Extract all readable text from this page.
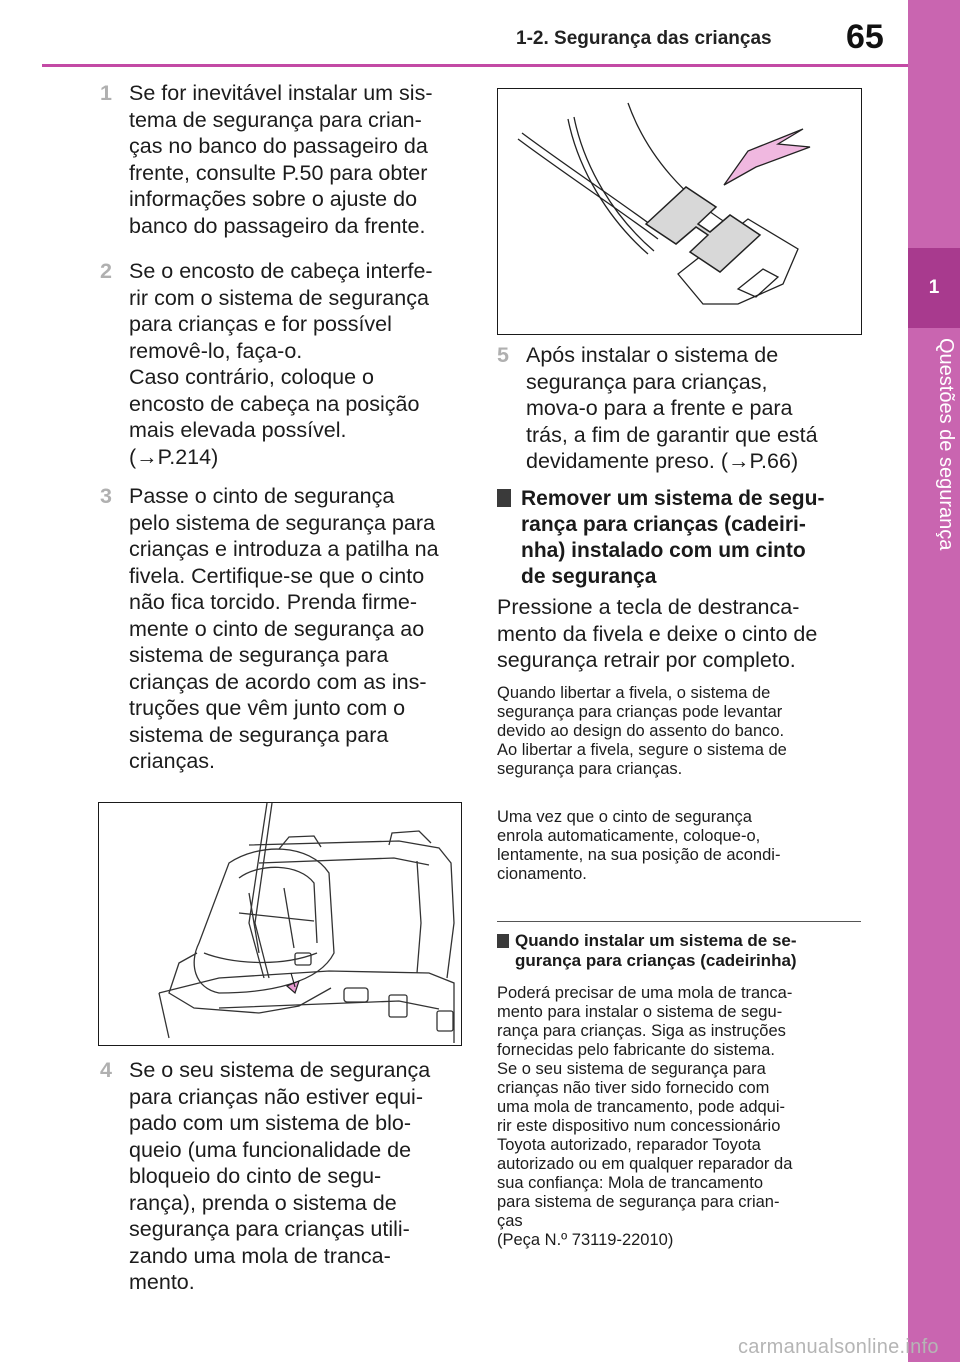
1-2. Segurança das crianças 65
1
Questões de segurança
1 Se for inevitável instalar um sis-
tema de segurança para crian-
ças no banco do passageiro da
frente, consulte P.50 para obter
informações sobre o ajuste do
banco do passageiro da frente.
2 Se o encosto de cabeça interfe-
rir com o sistema de segurança
para crianças e for possível
removê-lo, faça-o.
Caso contrário, coloque o
encosto de cabeça na posição
mais elevada possível.
(→P.214)
3 Passe o cinto de segurança
pelo sistema de segurança para
crianças e introduza a patilha na
fivela. Certifique-se que o cinto
não fica torcido. Prenda firme-
mente o cinto de segurança ao
sistema de segurança para
crianças de acordo com as ins-
truções que vêm junto com o
sistema de segurança para
crianças.
4 Se o seu sistema de segurança
para crianças não estiver equi-
pado com um sistema de blo-
queio (uma funcionalidade de
bloqueio do cinto de segu-
rança), prenda o sistema de
segurança para crianças utili-
zando uma mola de tranca-
mento.
5 Após instalar o sistema de
segurança para crianças,
mova-o para a frente e para
trás, a fim de garantir que está
devidamente preso. (→P.66)
Remover um sistema de segu-
rança para crianças (cadeiri-
nha) instalado com um cinto
de segurança
Pressione a tecla de destranca-
mento da fivela e deixe o cinto de
segurança retrair por completo.
Quando libertar a fivela, o sistema de
segurança para crianças pode levantar
devido ao design do assento do banco.
Ao libertar a fivela, segure o sistema de
segurança para crianças.
Uma vez que o cinto de segurança
enrola automaticamente, coloque-o,
lentamente, na sua posição de acondi-
cionamento.
Quando instalar um sistema de se-
gurança para crianças (cadeirinha)
Poderá precisar de uma mola de tranca-
mento para instalar o sistema de segu-
rança para crianças. Siga as instruções
fornecidas pelo fabricante do sistema.
Se o seu sistema de segurança para
crianças não tiver sido fornecido com
uma mola de trancamento, pode adqui-
rir este dispositivo num concessionário
Toyota autorizado, reparador Toyota
autorizado ou em qualquer reparador da
sua confiança: Mola de trancamento
para sistema de segurança para crian-
ças
(Peça N.º 73119-22010)
carmanualsonline.info
